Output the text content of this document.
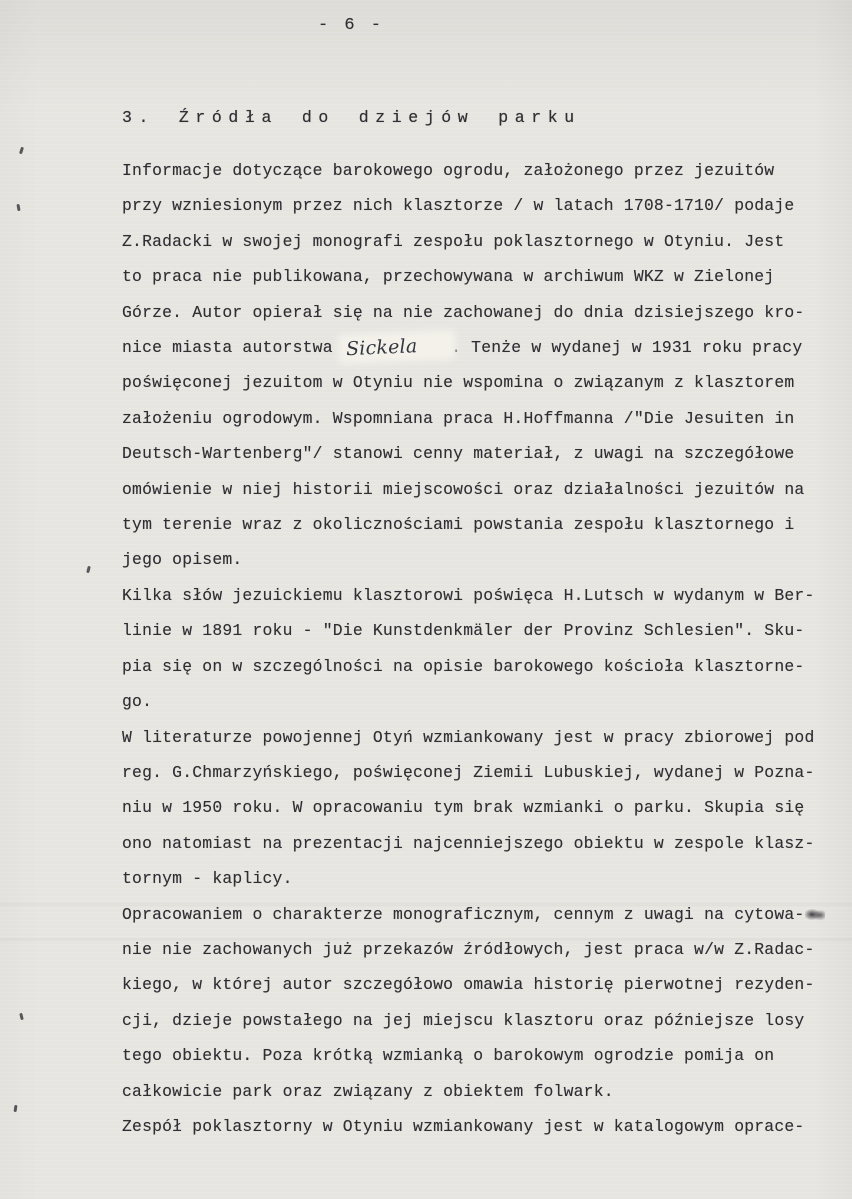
- 6 -
3. Źródła do dziejów parku
Informacje dotyczące barokowego ogrodu, założonego przez jezuitów
przy wzniesionym przez nich klasztorze / w latach 1708-1710/ podaje
Z.Radacki w swojej monografi zespołu poklasztornego w Otyniu. Jest
to praca nie publikowana, przechowywana w archiwum WKZ w Zielonej
Górze. Autor opierał się na nie zachowanej do dnia dzisiejszego kro-
nice miasta autorstwa Sickela . Tenże w wydanej w 1931 roku pracy
poświęconej jezuitom w Otyniu nie wspomina o związanym z klasztorem
założeniu ogrodowym. Wspomniana praca H.Hoffmanna /"Die Jesuiten in
Deutsch-Wartenberg"/ stanowi cenny materiał, z uwagi na szczegółowe
omówienie w niej historii miejscowości oraz działalności jezuitów na
tym terenie wraz z okolicznościami powstania zespołu klasztornego i
jego opisem.
Kilka słów jezuickiemu klasztorowi poświęca H.Lutsch w wydanym w Ber-
linie w 1891 roku - "Die Kunstdenkmäler der Provinz Schlesien". Sku-
pia się on w szczególności na opisie barokowego kościoła klasztorne-
go.
W literaturze powojennej Otyń wzmiankowany jest w pracy zbiorowej pod
reg. G.Chmarzyńskiego, poświęconej Ziemii Lubuskiej, wydanej w Pozna-
niu w 1950 roku. W opracowaniu tym brak wzmianki o parku. Skupia się
ono natomiast na prezentacji najcenniejszego obiektu w zespole klasz-
tornym - kaplicy.
Opracowaniem o charakterze monograficznym, cennym z uwagi na cytowa-
nie nie zachowanych już przekazów źródłowych, jest praca w/w Z.Radac-
kiego, w której autor szczegółowo omawia historię pierwotnej rezyden-
cji, dzieje powstałego na jej miejscu klasztoru oraz późniejsze losy
tego obiektu. Poza krótką wzmianką o barokowym ogrodzie pomija on
całkowicie park oraz związany z obiektem folwark.
Zespół poklasztorny w Otyniu wzmiankowany jest w katalogowym oprace-
